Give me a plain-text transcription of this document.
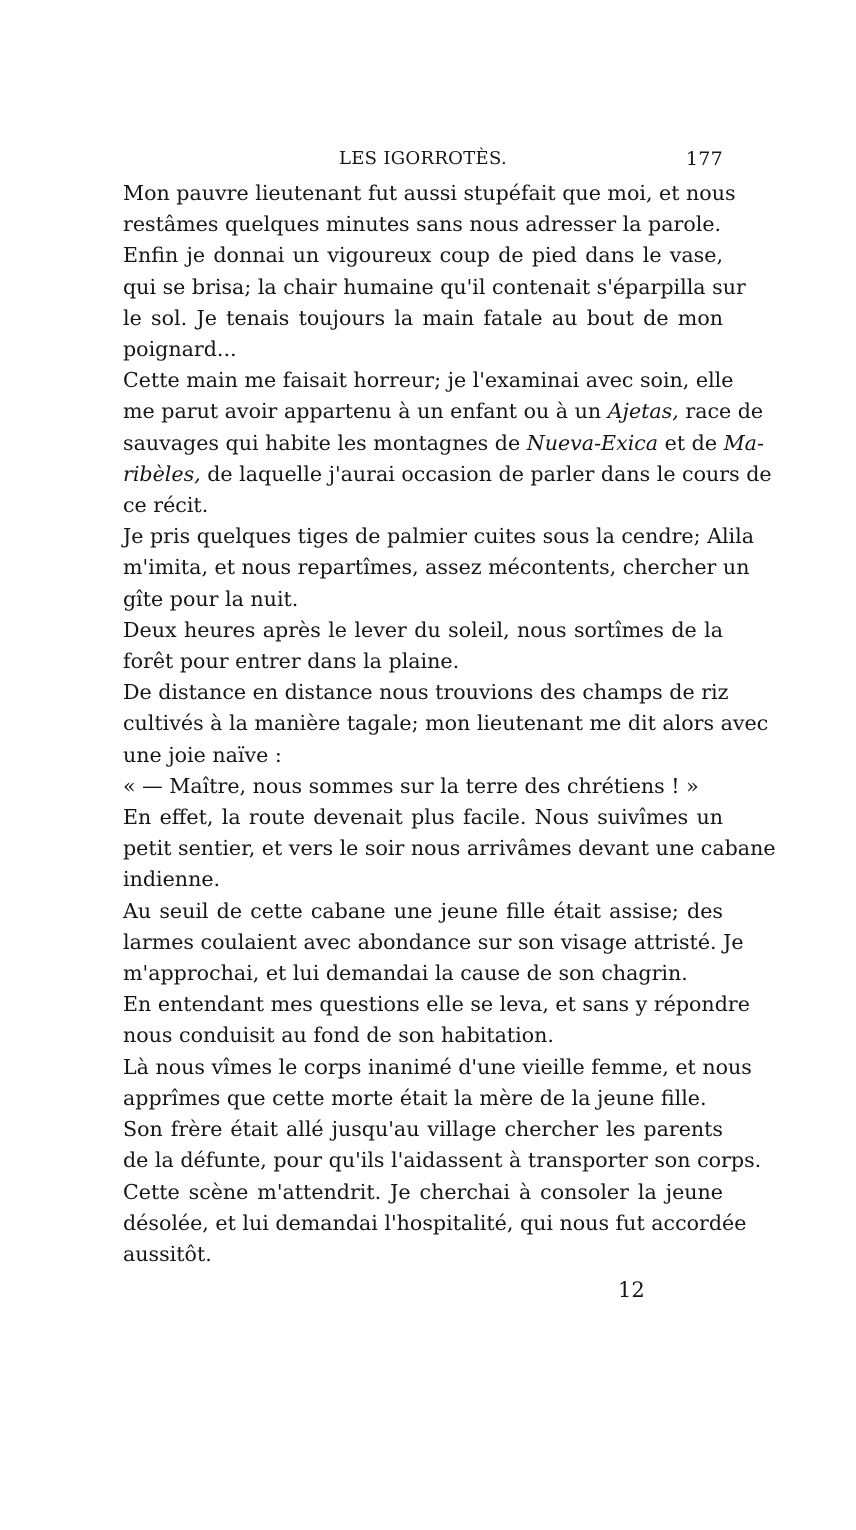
LES IGORROTÈS.	177
Mon pauvre lieutenant fut aussi stupéfait que moi, et nous
restâmes quelques minutes sans nous adresser la parole.
Enfin je donnai un vigoureux coup de pied dans le vase,
qui se brisa; la chair humaine qu'il contenait s'éparpilla sur
le sol. Je tenais toujours la main fatale au bout de mon
poignard...
Cette main me faisait horreur; je l'examinai avec soin, elle
me parut avoir appartenu à un enfant ou à un Ajetas, race de
sauvages qui habite les montagnes de Nueva-Exica et de Ma-
ribèles, de laquelle j'aurai occasion de parler dans le cours de
ce récit.
Je pris quelques tiges de palmier cuites sous la cendre; Alila
m'imita, et nous repartîmes, assez mécontents, chercher un
gîte pour la nuit.
Deux heures après le lever du soleil, nous sortîmes de la
forêt pour entrer dans la plaine.
De distance en distance nous trouvions des champs de riz
cultivés à la manière tagale; mon lieutenant me dit alors avec
une joie naïve :
« — Maître, nous sommes sur la terre des chrétiens ! »
En effet, la route devenait plus facile. Nous suivîmes un
petit sentier, et vers le soir nous arrivâmes devant une cabane
indienne.
Au seuil de cette cabane une jeune fille était assise; des
larmes coulaient avec abondance sur son visage attristé. Je
m'approchai, et lui demandai la cause de son chagrin.
En entendant mes questions elle se leva, et sans y répondre
nous conduisit au fond de son habitation.
Là nous vîmes le corps inanimé d'une vieille femme, et nous
apprîmes que cette morte était la mère de la jeune fille.
Son frère était allé jusqu'au village chercher les parents
de la défunte, pour qu'ils l'aidassent à transporter son corps.
Cette scène m'attendrit. Je cherchai à consoler la jeune
désolée, et lui demandai l'hospitalité, qui nous fut accordée
aussitôt.
12
